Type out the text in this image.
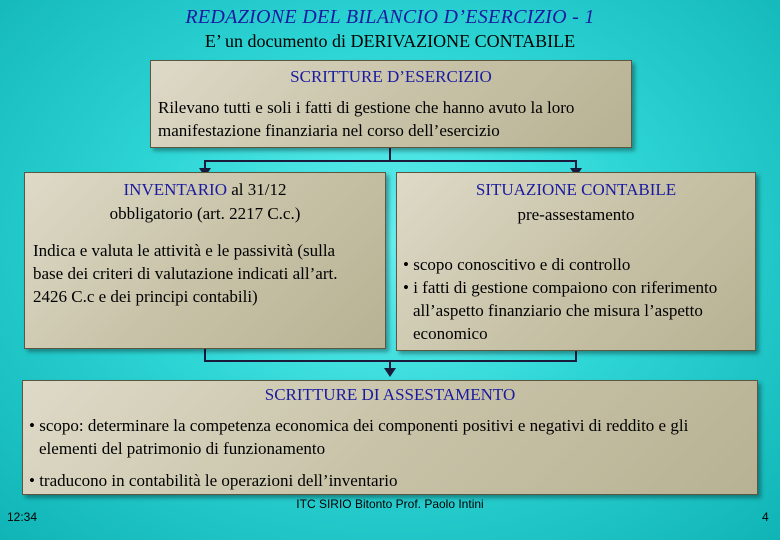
REDAZIONE DEL BILANCIO D’ESERCIZIO - 1
E’ un documento di DERIVAZIONE CONTABILE
SCRITTURE D’ESERCIZIO
Rilevano tutti e soli i fatti di gestione che hanno avuto la loro manifestazione finanziaria nel corso dell’esercizio
INVENTARIO al 31/12
obbligatorio (art. 2217 C.c.)
Indica e valuta le attività e le passività (sulla base dei criteri di valutazione indicati all’art. 2426 C.c e dei principi contabili)
SITUAZIONE CONTABILE
pre-assestamento
• scopo conoscitivo e di controllo
• i fatti di gestione compaiono con riferimento all’aspetto finanziario che misura l’aspetto economico
SCRITTURE DI ASSESTAMENTO
• scopo: determinare la competenza economica dei componenti positivi e negativi di reddito e gli elementi del patrimonio di funzionamento
• traducono in contabilità le operazioni dell’inventario
12:34
ITC SIRIO Bitonto Prof. Paolo Intini
4
